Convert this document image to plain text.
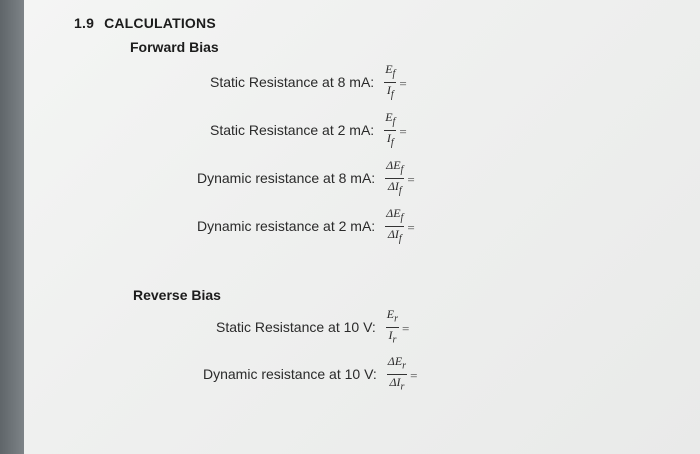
1.9 CALCULATIONS
Forward Bias
Static Resistance at 8 mA: $\frac{E_f}{I_f}$ =
Static Resistance at 2 mA: $\frac{E_f}{I_f}$ =
Dynamic resistance at 8 mA: $\frac{\Delta E_f}{\Delta I_f}$ =
Dynamic resistance at 2 mA: $\frac{\Delta E_f}{\Delta I_f}$ =
Reverse Bias
Static Resistance at 10 V: $\frac{E_r}{I_r}$ =
Dynamic resistance at 10 V: $\frac{\Delta E_r}{\Delta I_r}$ =
